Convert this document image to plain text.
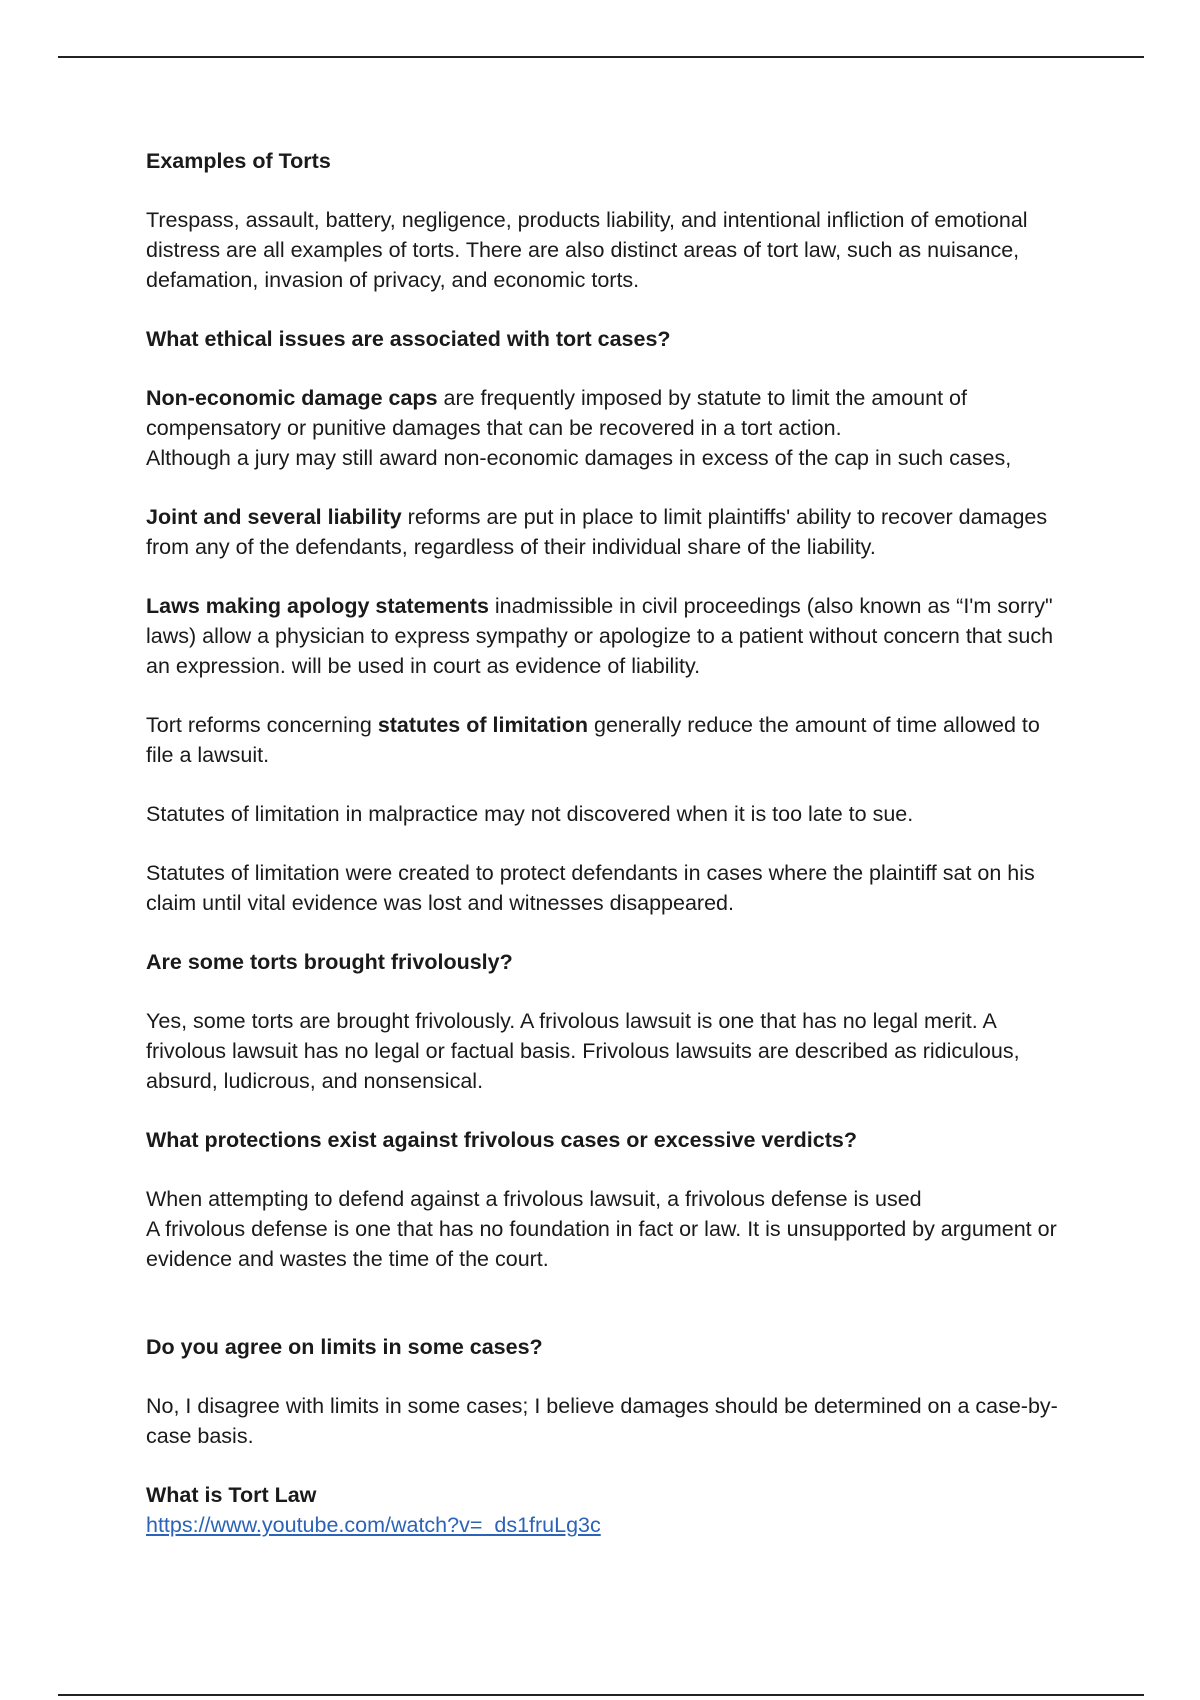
Examples of Torts

Trespass, assault, battery, negligence, products liability, and intentional infliction of emotional distress are all examples of torts. There are also distinct areas of tort law, such as nuisance, defamation, invasion of privacy, and economic torts.

What ethical issues are associated with tort cases?

Non-economic damage caps are frequently imposed by statute to limit the amount of compensatory or punitive damages that can be recovered in a tort action.

Although a jury may still award non-economic damages in excess of the cap in such cases,

Joint and several liability reforms are put in place to limit plaintiffs' ability to recover damages from any of the defendants, regardless of their individual share of the liability.

Laws making apology statements inadmissible in civil proceedings (also known as “I'm sorry" laws) allow a physician to express sympathy or apologize to a patient without concern that such an expression. will be used in court as evidence of liability.

Tort reforms concerning statutes of limitation generally reduce the amount of time allowed to file a lawsuit.

Statutes of limitation in malpractice may not discovered when it is too late to sue.

Statutes of limitation were created to protect defendants in cases where the plaintiff sat on his claim until vital evidence was lost and witnesses disappeared.

Are some torts brought frivolously?

Yes, some torts are brought frivolously. A frivolous lawsuit is one that has no legal merit. A frivolous lawsuit has no legal or factual basis. Frivolous lawsuits are described as ridiculous, absurd, ludicrous, and nonsensical.

What protections exist against frivolous cases or excessive verdicts?

When attempting to defend against a frivolous lawsuit, a frivolous defense is used

A frivolous defense is one that has no foundation in fact or law. It is unsupported by argument or evidence and wastes the time of the court.

Do you agree on limits in some cases?

No, I disagree with limits in some cases; I believe damages should be determined on a case-by-case basis.

What is Tort Law

https://www.youtube.com/watch?v=_ds1fruLg3c
